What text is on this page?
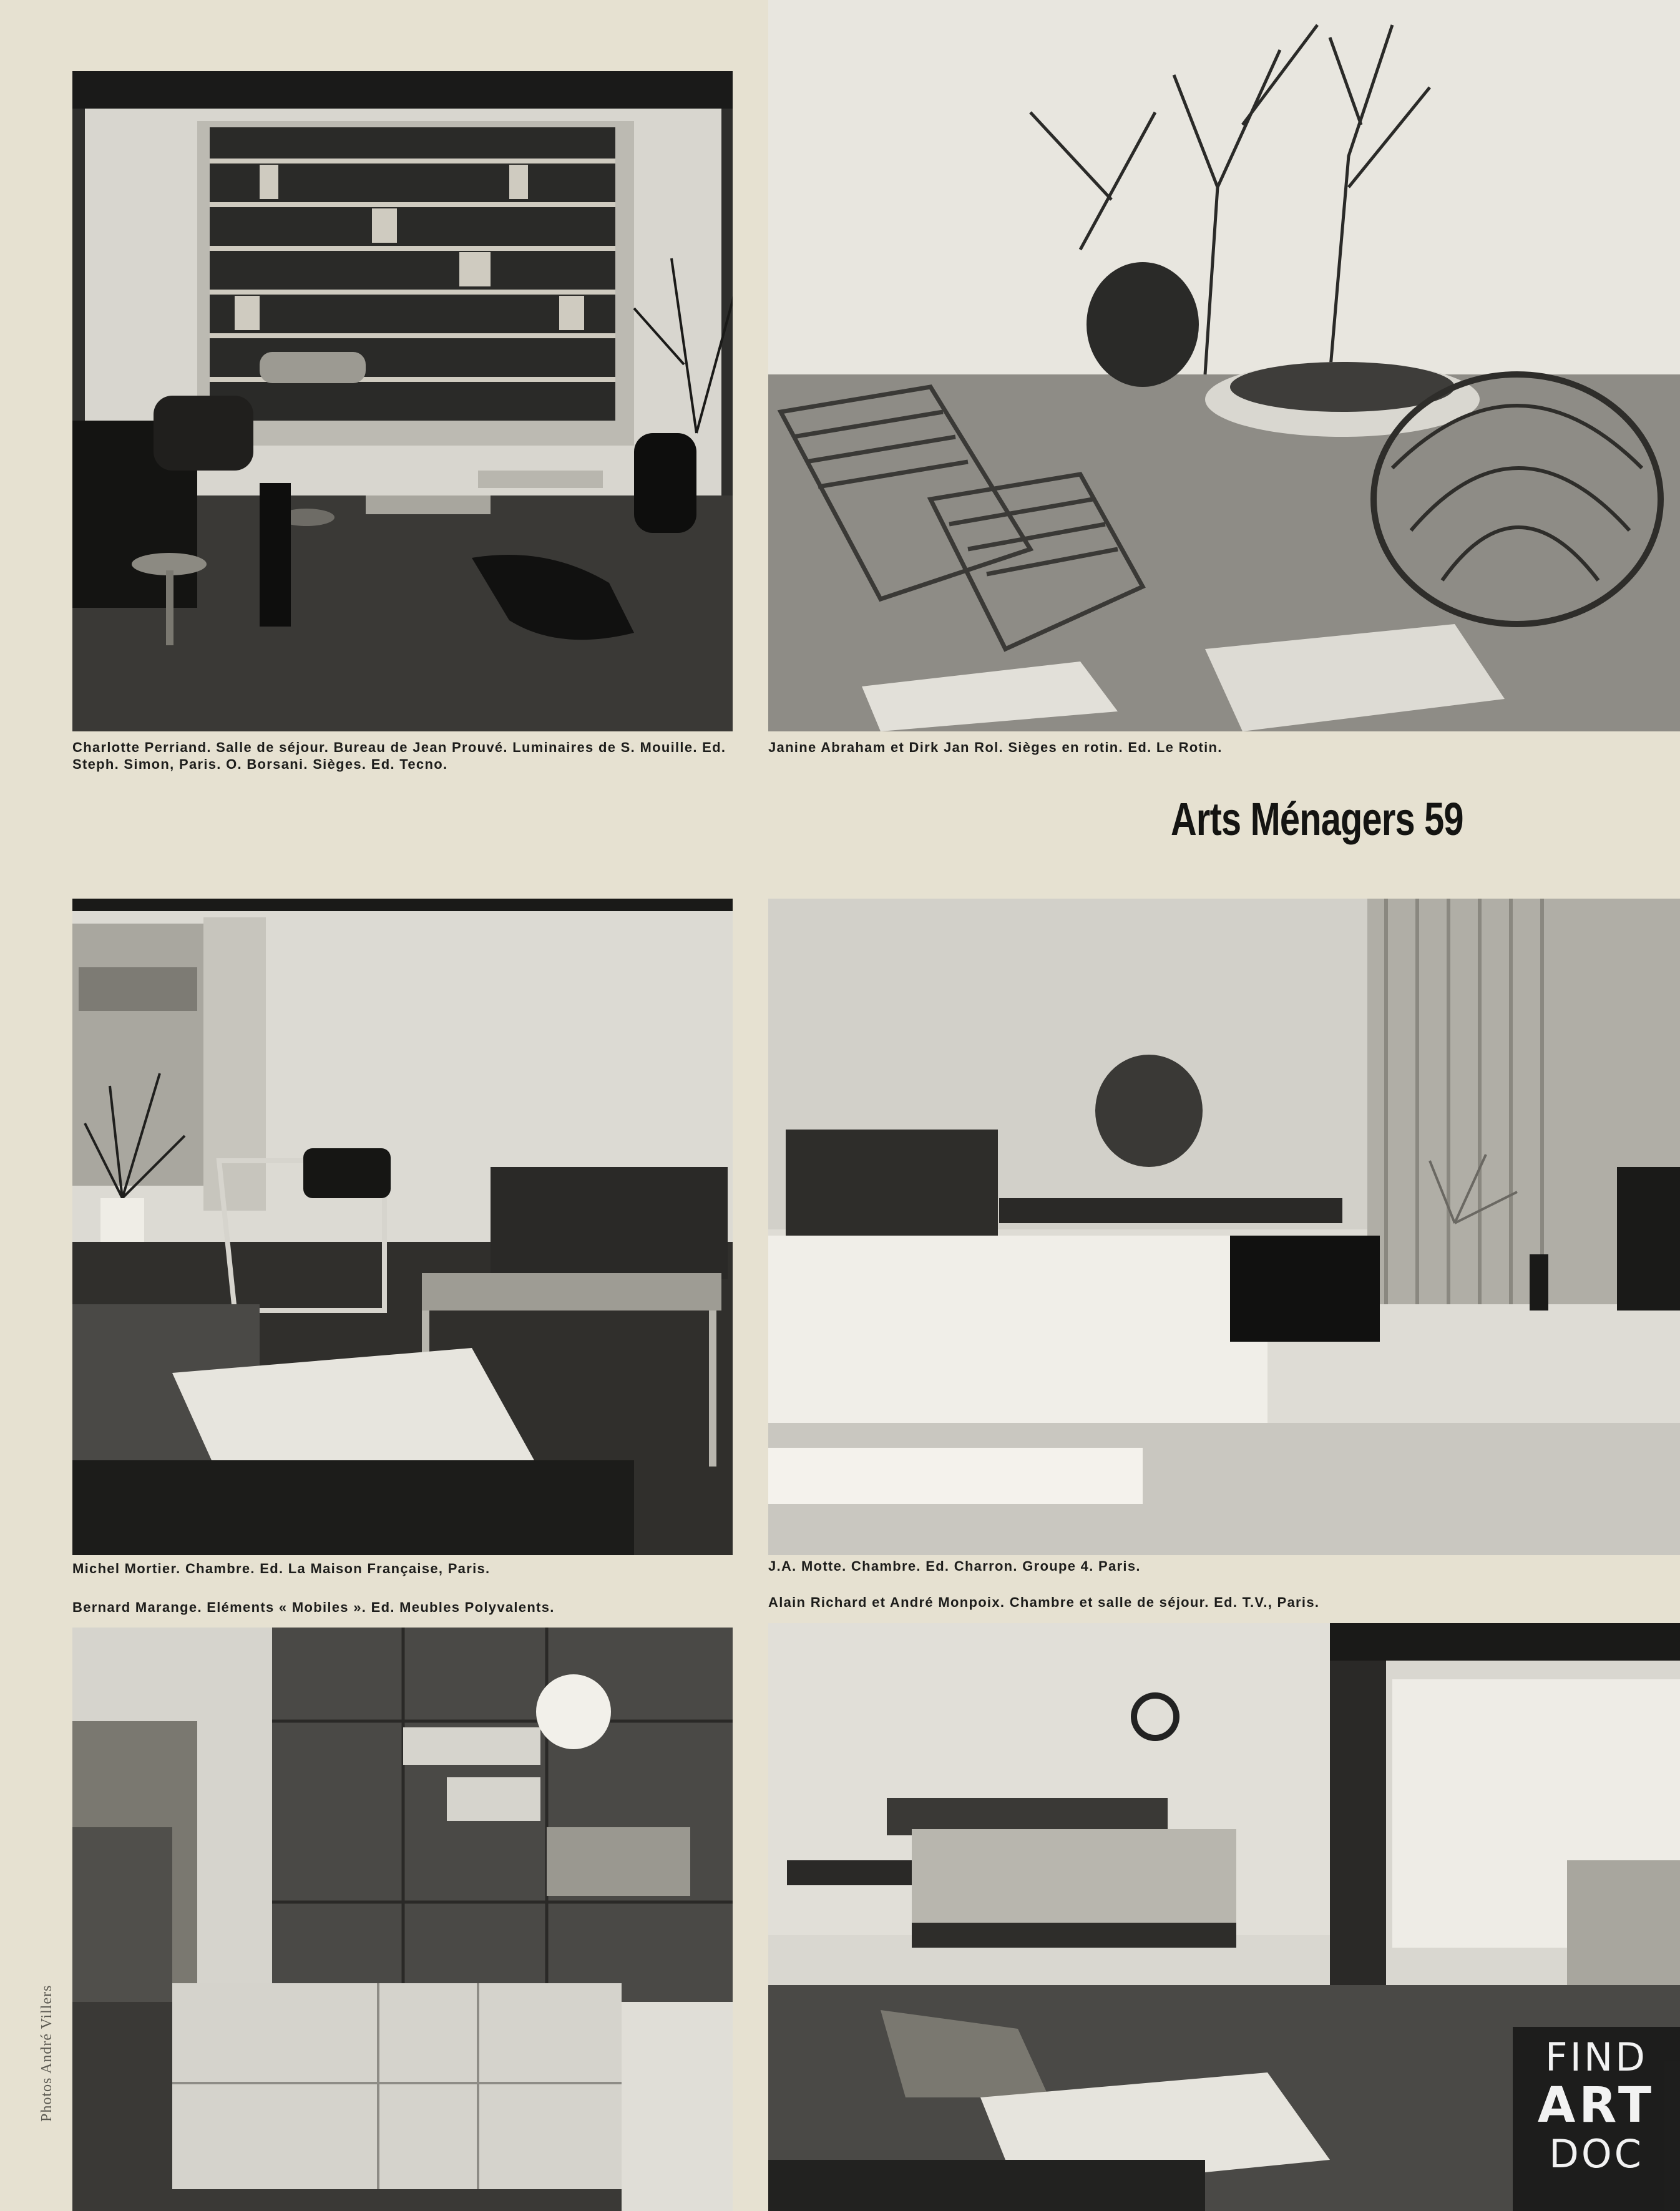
Charlotte Perriand. Salle de séjour. Bureau de Jean Prouvé. Luminaires de S. Mouille. Ed. Steph. Simon, Paris. O. Borsani. Sièges. Ed. Tecno.

Janine Abraham et Dirk Jan Rol. Sièges en rotin. Ed. Le Rotin.

Arts Ménagers 59

Michel Mortier. Chambre. Ed. La Maison Française, Paris.	J.A. Motte. Chambre. Ed. Charron. Groupe 4. Paris.

Bernard Marange. Eléments « Mobiles ». Ed. Meubles Polyvalents.	Alain Richard et André Monpoix. Chambre et salle de séjour. Ed. T.V., Paris.

Photos André Villers	FIND
ART
DOC
